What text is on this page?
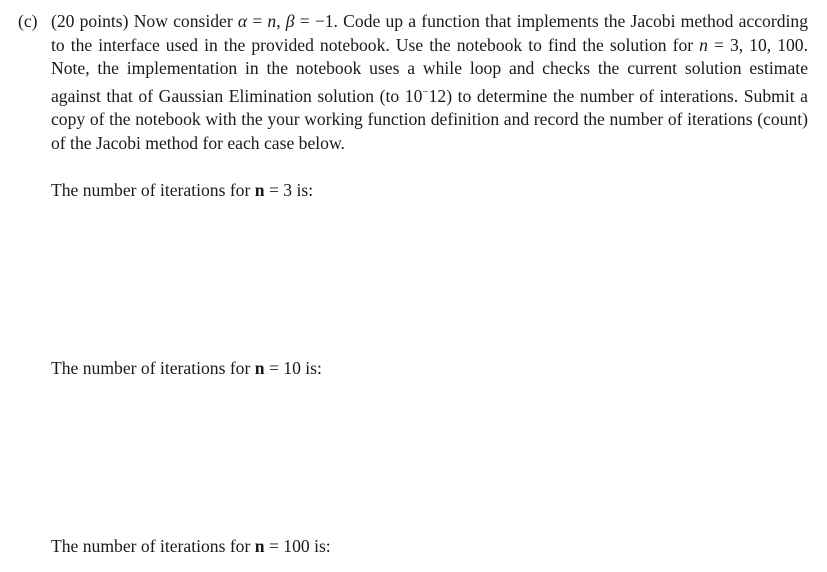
(c) (20 points) Now consider α = n, β = −1. Code up a function that implements the Jacobi method according to the interface used in the provided notebook. Use the notebook to find the solution for n = 3, 10, 100. Note, the implementation in the notebook uses a while loop and checks the current solution estimate against that of Gaussian Elimination solution (to 10−12) to determine the number of interations. Submit a copy of the notebook with the your working function definition and record the number of iterations (count) of the Jacobi method for each case below.

The number of iterations for n = 3 is:
The number of iterations for n = 10 is:
The number of iterations for n = 100 is:
